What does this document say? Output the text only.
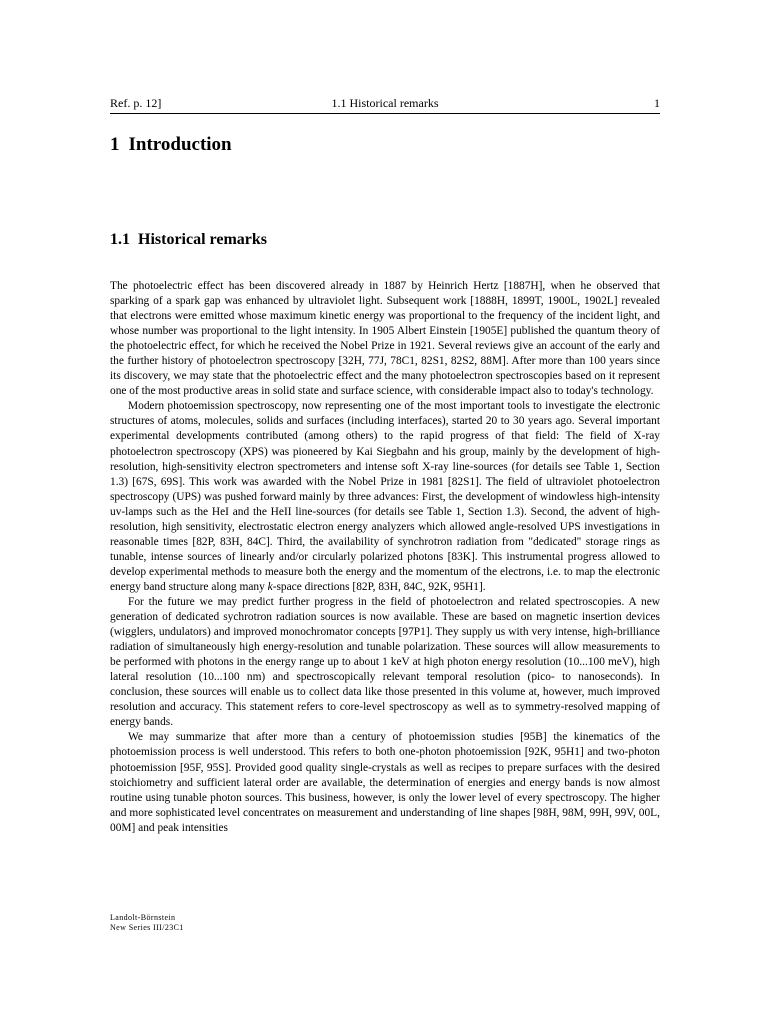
Ref. p. 12]	1.1 Historical remarks	1
1 Introduction
1.1 Historical remarks

The photoelectric effect has been discovered already in 1887 by Heinrich Hertz [1887H], when he observed that sparking of a spark gap was enhanced by ultraviolet light. Subsequent work [1888H, 1899T, 1900L, 1902L] revealed that electrons were emitted whose maximum kinetic energy was proportional to the frequency of the incident light, and whose number was proportional to the light intensity. In 1905 Albert Einstein [1905E] published the quantum theory of the photoelectric effect, for which he received the Nobel Prize in 1921. Several reviews give an account of the early and the further history of photoelectron spectroscopy [32H, 77J, 78C1, 82S1, 82S2, 88M]. After more than 100 years since its discovery, we may state that the photoelectric effect and the many photoelectron spectroscopies based on it represent one of the most productive areas in solid state and surface science, with considerable impact also to today's technology.

Modern photoemission spectroscopy, now representing one of the most important tools to investigate the electronic structures of atoms, molecules, solids and surfaces (including interfaces), started 20 to 30 years ago. Several important experimental developments contributed (among others) to the rapid progress of that field: The field of X-ray photoelectron spectroscopy (XPS) was pioneered by Kai Siegbahn and his group, mainly by the development of high-resolution, high-sensitivity electron spectrometers and intense soft X-ray line-sources (for details see Table 1, Section 1.3) [67S, 69S]. This work was awarded with the Nobel Prize in 1981 [82S1]. The field of ultraviolet photoelectron spectroscopy (UPS) was pushed forward mainly by three advances: First, the development of windowless high-intensity uv-lamps such as the HeI and the HeII line-sources (for details see Table 1, Section 1.3). Second, the advent of high-resolution, high sensitivity, electrostatic electron energy analyzers which allowed angle-resolved UPS investigations in reasonable times [82P, 83H, 84C]. Third, the availability of synchrotron radiation from "dedicated" storage rings as tunable, intense sources of linearly and/or circularly polarized photons [83K]. This instrumental progress allowed to develop experimental methods to measure both the energy and the momentum of the electrons, i.e. to map the electronic energy band structure along many k-space directions [82P, 83H, 84C, 92K, 95H1].

For the future we may predict further progress in the field of photoelectron and related spectroscopies. A new generation of dedicated sychrotron radiation sources is now available. These are based on magnetic insertion devices (wigglers, undulators) and improved monochromator concepts [97P1]. They supply us with very intense, high-brilliance radiation of simultaneously high energy-resolution and tunable polarization. These sources will allow measurements to be performed with photons in the energy range up to about 1 keV at high photon energy resolution (10...100 meV), high lateral resolution (10...100 nm) and spectroscopically relevant temporal resolution (pico- to nanoseconds). In conclusion, these sources will enable us to collect data like those presented in this volume at, however, much improved resolution and accuracy. This statement refers to core-level spectroscopy as well as to symmetry-resolved mapping of energy bands.

We may summarize that after more than a century of photoemission studies [95B] the kinematics of the photoemission process is well understood. This refers to both one-photon photoemission [92K, 95H1] and two-photon photoemission [95F, 95S]. Provided good quality single-crystals as well as recipes to prepare surfaces with the desired stoichiometry and sufficient lateral order are available, the determination of energies and energy bands is now almost routine using tunable photon sources. This business, however, is only the lower level of every spectroscopy. The higher and more sophisticated level concentrates on measurement and understanding of line shapes [98H, 98M, 99H, 99V, 00L, 00M] and peak intensities

Landolt-Börnstein
New Series III/23C1
